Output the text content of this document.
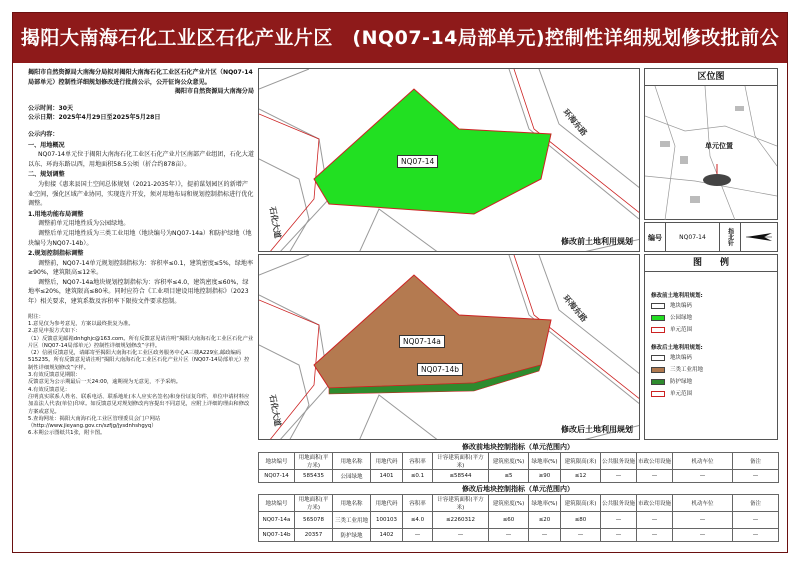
揭阳大南海石化工业区石化产业片区　(NQ07-14局部单元)控制性详细规划修改批前公

揭阳市自然资源局大南海分局拟对揭阳大南海石化工业区石化产业片区（NQ07-14局部单元）控制性详细规划修改进行批前公示，公开征询公众意见。

揭阳市自然资源局大南海分局

公示时间：30天

公示日期：2025年4月29日至2025年5月28日

公示内容：

一、用地概况

NQ07-14单元位于揭阳大南海石化工业区石化产业片区南部产业组团，石化大道以东、环海东路以西，用地面积58.5公顷（折合约878亩）。

二、规划调整

为衔接《惠来县国土空间总体规划（2021-2035年）》，提前谋划园区的新增产业空间，强化区域产业协同，实现连片开发，须对用地布局和规划控制指标进行优化调整。

1.用地功能布局调整

调整前单元用地性质为公园绿地。

调整后单元用地性质为三类工业用地（地块编号为NQ07-14a）和防护绿地（地块编号为NQ07-14b）。

2.规划控制指标调整

调整前，NQ07-14单元规划控制指标为：容积率≤0.1，建筑密度≤5%，绿地率≥90%，建筑限高≤12米。

调整后，NQ07-14a地块规划控制指标为：容积率≤4.0，建筑密度≤60%，绿地率≤20%，建筑限高≤80米。同时应符合《工业项目建设用地控制指标》（2023年）相关要求，建筑系数及容积率下限按文件要求控制。

附注：

1.意见仅为参考意见，方案以最终批复为准。

2.意见申报方式如下：

（1）反馈意见邮箱dnhghjc@163.com。所有反馈意见请注明“揭阳大南海石化工业区石化产业片区（NQ07-14局部单元）控制性详细规划修改”字样。

（2）信函反馈意见，请邮寄至揭阳大南海石化工业区政务服务中心A三楼A229室,邮政编码515235。所有反馈意见请注明“揭阳大南海石化工业区石化产业片区（NQ07-14局部单元）控制性详细规划修改”字样。

3.有效反馈意见期限：

反馈意见为公示期最后一天24:00，逾期视为无意见，不予采纳。

4.有效反馈意见：

注明真实联系人姓名、联系电话、联系地址(本人应实名签名)和身份证复印件，单位申请材料应加盖法人代表(单位)印章。如反馈意见对规划修改内容提出不同意见，应附上详细的理由和修改方案或意见。

5.查询网址：揭阳大南海石化工业区管理委员会门户网站（http://www.jieyang.gov.cn/szfjg/jysdnhshgyq）

6.本期公示图纸共1张，附卡图。

NQ07-14
环海东路
石化大道
修改前土地利用规划
NQ07-14a
NQ07-14b
环海东路
石化大道
修改后土地利用规划
区位图
单元位置
编号	NQ07-14	指北针
图　　例
修改前土地利用规划:
地块编码
公园绿地
单元范围
修改后土地利用规划:
地块编码
三类工业用地
防护绿地
单元范围
修改前地块控制指标（单元范围内）
地块编号	用地面积(平方米)	用地名称	用地代码	容积率	计容建筑面积(平方米)	建筑密度(%)	绿地率(%)	建筑限高(米)	公共服务设施	市政公用设施	机动车位	备注
NQ07-14	585435	公园绿地	1401	≤0.1	≤58544	≤5	≥90	≤12	—	—	—	—
修改后地块控制指标（单元范围内）
地块编号	用地面积(平方米)	用地名称	用地代码	容积率	计容建筑面积(平方米)	建筑密度(%)	绿地率(%)	建筑限高(米)	公共服务设施	市政公用设施	机动车位	备注
NQ07-14a	565078	三类工业用地	100103	≤4.0	≤2260312	≤60	≤20	≤80	—	—	—	—
NQ07-14b	20357	防护绿地	1402	—	—	—	—	—	—	—	—	—
